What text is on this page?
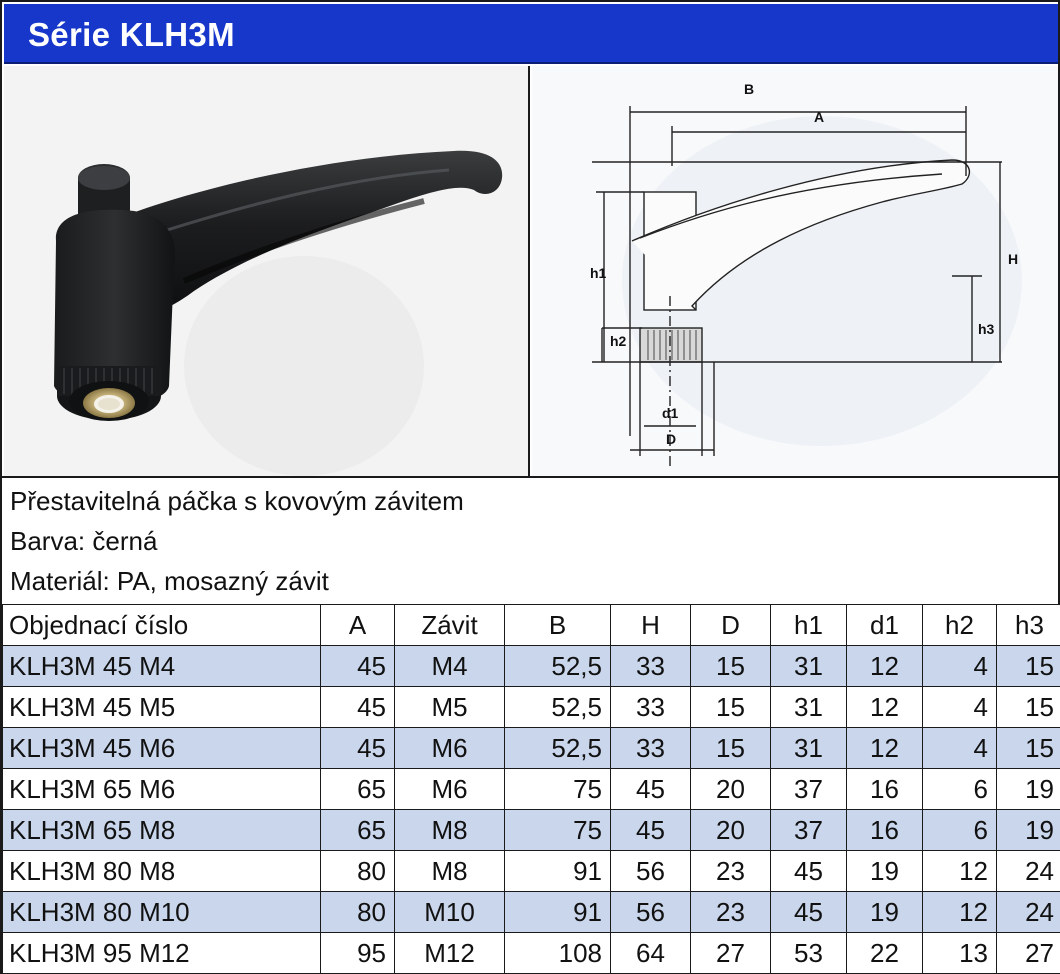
Série KLH3M
B
A
H
h1
h2
h3
d1
D
Přestavitelná páčka s kovovým závitem
Barva: černá
Materiál: PA, mosazný závit
Objednací číslo	A	Závit	B	H	D	h1	d1	h2	h3
KLH3M 45 M4	45	M4	52,5	33	15	31	12	4	15
KLH3M 45 M5	45	M5	52,5	33	15	31	12	4	15
KLH3M 45 M6	45	M6	52,5	33	15	31	12	4	15
KLH3M 65 M6	65	M6	75	45	20	37	16	6	19
KLH3M 65 M8	65	M8	75	45	20	37	16	6	19
KLH3M 80 M8	80	M8	91	56	23	45	19	12	24
KLH3M 80 M10	80	M10	91	56	23	45	19	12	24
KLH3M 95 M12	95	M12	108	64	27	53	22	13	27
